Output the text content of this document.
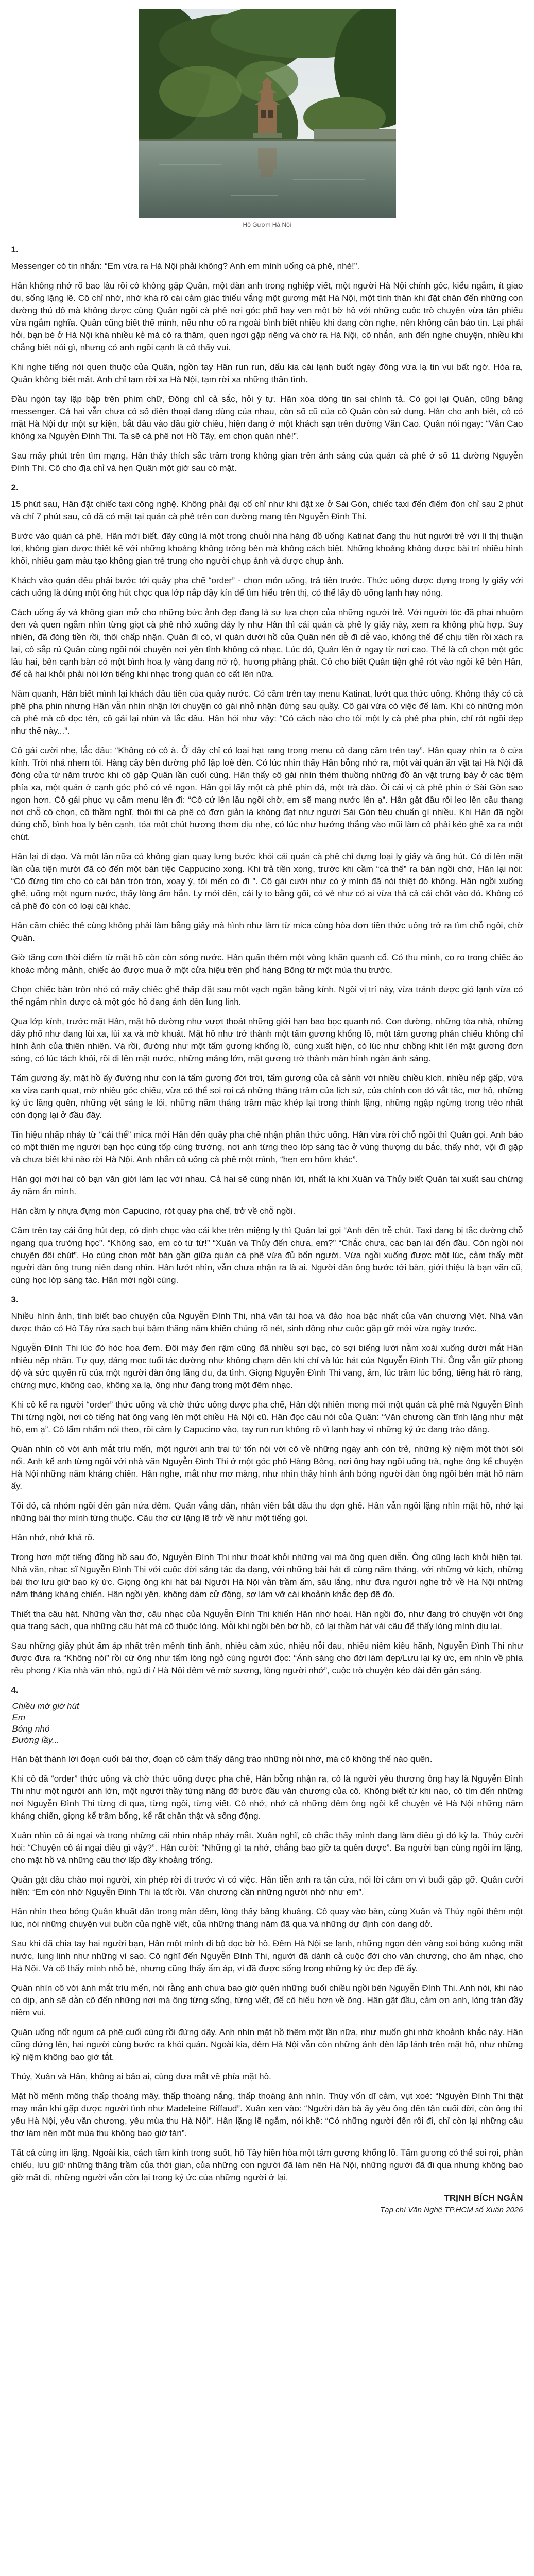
Hồ Gươm Hà Nội
1.

Messenger có tin nhắn: “Em vừa ra Hà Nội phải không? Anh em mình uống cà phê, nhé!”.

Hân không nhớ rõ bao lâu rồi cô không gặp Quân, một đàn anh trong nghiệp viết, một người Hà Nội chính gốc, kiểu ngắm, ít giao du, sống lặng lẽ. Cô chỉ nhớ, nhớ khá rõ cái cảm giác thiếu vắng một gương mặt Hà Nội, một tính thân khi đặt chân đến những con đường thủ đô mà không được cùng Quân ngồi cà phê nơi góc phố hay ven một bờ hồ với những cuộc trò chuyện vừa tản phiếu vừa ngắm nghĩa. Quân cũng biết thế mình, nếu như cô ra ngoài bình biết nhiều khi đang còn nghe, nên không cần báo tin. Lại phải hỏi, bạn bè ở Hà Nội khá nhiều kẻ mà cô ra thăm, quen ngơi gặp riêng và chờ ra Hà Nội, cô nhắn, anh đến nghe chuyện, nhiều khi chẳng biết nói gì, nhưng có anh ngồi cạnh là cô thấy vui.

Khi nghe tiếng nói quen thuộc của Quân, ngồn tay Hân run run, dấu kia cái lạnh buốt ngày đông vừa lạ tin vui bất ngờ. Hóa ra, Quân không biết mất. Anh chỉ tạm rời xa Hà Nội, tạm rời xa những thân tình.

Đầu ngón tay lập bập trên phím chữ, Đông chỉ cả sắc, hỏi ý tự. Hân xóa dòng tin sai chính tả. Có gọi lại Quân, cũng băng messenger. Cả hai vẫn chưa có số điện thoại đang dùng của nhau, còn số cũ của cô Quân còn sử dụng. Hân cho anh biết, cô có mặt Hà Nội dự một sự kiện, bắt đầu vào đầu giờ chiều, hiện đang ở một khách sạn trên đường Văn Cao. Quân nói ngay: “Vân Cao không xa Nguyễn Đình Thi. Ta sẽ cà phê nơi Hồ Tây, em chọn quán nhé!”.

Sau mấy phút trên tìm mạng, Hân thấy thích sắc trầm trong không gian trên ánh sáng của quán cà phê ở số 11 đường Nguyễn Đình Thi. Cô cho địa chỉ và hẹn Quân một giờ sau có mặt.

2.

15 phút sau, Hân đặt chiếc taxi công nghệ. Không phải đại cố chỉ như khi đặt xe ở Sài Gòn, chiếc taxi đến điểm đón chỉ sau 2 phút và chỉ 7 phút sau, cô đã có mặt tại quán cà phê trên con đường mang tên Nguyễn Đình Thi.

Bước vào quán cà phê, Hân mới biết, đây cũng là một trong chuỗi nhà hàng đồ uống Katinat đang thu hút người trẻ với lí thị thuận lợi, không gian được thiết kế với những khoảng không trống bên mà không cách biệt. Những khoảng không được bài trí nhiều hình khối, nhiều gam màu tạo không gian trẻ trung cho người chụp ảnh và được chụp ảnh.

Khách vào quán đều phải bước tới quầy pha chế “order” - chọn món uống, trả tiền trước. Thức uống được đựng trong ly giấy với cách uống là dùng một ống hút chọc qua lớp nắp đậy kín để tìm hiểu trên thị, có thể lấy đồ uống lạnh hay nóng.

Cách uống ấy và không gian mở cho những bức ảnh đẹp đang là sự lựa chọn của những người trẻ. Với người tóc đã phai nhuộm đen và quen ngắm nhìn từng giọt cà phê nhỏ xuống đáy ly như Hân thì cái quán cà phê ly giấy này, xem ra không phù hợp. Suy nhiên, đã đóng tiền rồi, thôi chấp nhận. Quân đi có, vì quán dưới hồ của Quân nên dễ đi dễ vào, không thể để chịu tiền rồi xách ra lại, cô sắp rủ Quân cùng ngồi nói chuyện nơi yên tĩnh không có nhạc. Lúc đó, Quân lên ở ngay từ nơi cao. Thế là cô chọn một góc lầu hai, bên cạnh bàn có một bình hoa ly vàng đang nở rộ, hương phảng phất. Cô cho biết Quân tiện ghế rót vào ngồi kế bên Hân, để cả hai khỏi phải nói lớn tiếng khi nhạc trong quán có cất lên nữa.

Năm quanh, Hân biết mình lại khách đầu tiên của quầy nước. Có cầm trên tay menu Katinat, lướt qua thức uống. Không thấy có cà phê pha phin nhưng Hân vẫn nhìn nhận lời chuyện có gái nhỏ nhận đứng sau quầy. Cô gái vừa có việc để làm. Khi có những món cà phê mà cô đọc tên, cô gái lại nhìn và lắc đầu. Hân hỏi như vậy: “Có cách nào cho tôi một ly cà phê pha phin, chỉ rót ngồi đẹp như thế này...”.

Cô gái cười nhẹ, lắc đầu: “Không có cô à. Ở đây chỉ có loại hạt rang trong menu cô đang cầm trên tay”. Hân quay nhìn ra ô cửa kính. Trời nhá nhem tối. Hàng cây bên đường phố lập loè đèn. Có lúc nhìn thấy Hân bỗng nhớ ra, một vài quán ăn vặt tại Hà Nội đã đóng cửa từ năm trước khi cô gặp Quân lần cuối cùng. Hân thấy cô gái nhìn thèm thuồng những đồ ăn vặt trưng bày ở các tiệm phía xa, một quán ở cạnh góc phố có vẻ ngon. Hân gọi lấy một cà phê phin đá, một trà đào. Ôi cái vị cà phê phin ở Sài Gòn sao ngon hơn. Cô gái phục vụ cầm menu lên đi: “Cô cứ lên lầu ngồi chờ, em sẽ mang nước lên ạ”. Hân gật đầu rồi leo lên cầu thang nơi chỗ cô chọn, cô thầm nghĩ, thôi thì cà phê có đơn giản là không đạt như người Sài Gòn tiêu chuẩn gì nhiều. Khi Hân đã ngồi đúng chỗ, bình hoa ly bên cạnh, tỏa một chút hương thơm dịu nhẹ, có lúc như hướng thẳng vào mũi làm cô phải kéo ghế xa ra một chút.

Hân lại đi dạo. Và một lần nữa có không gian quay lưng bước khỏi cái quán cà phê chỉ đựng loại ly giấy và ống hút. Có đi lên mặt lần của tiện mười đã có đến một bàn tiệc Cappucino xong. Khi trả tiền xong, trước khi cầm “cà thể” ra bàn ngồi chờ, Hân lại nói: “Cô đừng tìm cho có cái bàn tròn tròn, xoay ý, tôi mến có đi ”. Cô gái cười như có ý mình đã nói thiệt đó không. Hân ngồi xuống ghế, uống một ngụm nước, thấy lòng ấm hẳn. Ly mới đến, cái ly to bằng gối, có vẻ như có ai vừa thả cả cái chốt vào đó. Không có cả phê đó còn có loại cái khác.

Hân cầm chiếc thẻ cùng không phải làm bằng giấy mà hình như làm từ mica cùng hòa đơn tiền thức uống trở ra tìm chỗ ngồi, chờ Quân.

Giờ tăng cơn thời điểm từ mặt hồ còn còn sóng nước. Hân quấn thêm một vòng khăn quanh cổ. Có thu mình, co ro trong chiếc áo khoác mỏng mảnh, chiếc áo được mua ở một cửa hiệu trên phố hàng Bông từ một mùa thu trước.

Chọn chiếc bàn tròn nhỏ có mấy chiếc ghế thấp đặt sau một vạch ngăn bằng kính. Ngồi vị trí này, vừa tránh được gió lạnh vừa có thể ngắm nhìn được cả một góc hồ đang ánh đèn lung linh.

Qua lớp kính, trước mặt Hân, mặt hồ dường như vượt thoát những giới hạn bao bọc quanh nó. Con đường, những tòa nhà, những dãy phố như đang lùi xa, lùi xa và mờ khuất. Mặt hồ như trở thành một tấm gương khổng lồ, một tấm gương phản chiếu không chỉ hình ảnh của thiên nhiên. Và rồi, đường như một tấm gương khổng lồ, cùng xuất hiện, có lúc như chồng khít lên mặt gương đơn sóng, có lúc tách khỏi, rồi đi lên mặt nước, những mảng lớn, mặt gương trở thành màn hình ngàn ánh sáng.

Tấm gương ấy, mặt hồ ấy đường như con là tấm gương đời trời, tấm gương của cả sảnh với nhiều chiều kích, nhiều nếp gấp, vừa xa vừa cạnh quạt, mờ nhiều góc chiếu, vừa có thể soi rọi cả những thăng trầm của lịch sử, của chính con đó vắt tấc, mơ hồ, những ký ức lãng quên, những vệt sáng le lói, những năm tháng trầm mặc khép lại trong thinh lặng, những ngập ngừng trong trẻo nhất còn đọng lại ở đầu đây.

Tin hiệu nhấp nháy từ “cái thể” mica mới Hân đến quầy pha chế nhận phần thức uống. Hân vừa rời chỗ ngồi thì Quân gọi. Anh báo có một thiên mẹ người bạn học cùng tốp cùng trường, nơi anh từng theo lớp sáng tác ở vùng thượng du bắc, thấy nhớ, vội đi gặp và chưa biết khi nào rời Hà Nội. Anh nhắn cô uống cà phê một mình, “hẹn em hôm khác”.

Hân gọi mời hai cô bạn văn giới làm lạc với nhau. Cả hai sẽ cùng nhận lời, nhất là khi Xuân và Thủy biết Quân tài xuất sau chừng ấy năm ẩn mình.

Hân cầm ly nhựa đựng món Capucino, rót quay pha chế, trở về chỗ ngồi.

Cầm trên tay cái ống hút đẹp, có định chọc vào cái khe trên miệng ly thì Quân lại gọi “Anh đến trễ chút. Taxi đang bị tắc đường chỗ ngang qua trường học”. “Không sao, em có từ từ!” “Xuân và Thủy đến chưa, em?” “Chắc chưa, các bạn lái đến đầu. Còn ngồi nói chuyện đôi chút”. Họ cùng chọn một bàn gần giữa quán cà phê vừa đủ bốn người. Vừa ngồi xuống được một lúc, cảm thấy một người đàn ông trung niên đang nhìn. Hân lướt nhìn, vẫn chưa nhận ra là ai. Người đàn ông bước tới bàn, giới thiệu là bạn văn cũ, cùng học lớp sáng tác. Hân mời ngồi cùng.

3.

Nhiều hình ảnh, tình biết bao chuyện của Nguyễn Đình Thi, nhà văn tài hoa và đảo hoa bậc nhất của văn chương Việt. Nhà văn được thảo có Hồ Tây rửa sạch bụi bậm thăng năm khiến chúng rõ nét, sinh động như cuộc gặp gỡ mới vừa ngày trước.

Nguyễn Đình Thi lúc đó hóc hoa đem. Đôi mày đen rậm cũng đã nhiều sợi bạc, có sợi biếng lười nằm xoài xuống dưới mắt Hân nhiều nếp nhăn. Tự quy, dáng mọc tuổi tác đường như không chạm đến khi chỉ và lúc hát của Nguyễn Đình Thi. Ông vẫn giữ phong độ và sức quyến rũ của một người đàn ông lãng du, đa tình. Giọng Nguyễn Đình Thi vang, ấm, lúc trầm lúc bổng, tiếng hát rõ ràng, chừng mực, không cao, không xa lạ, ông như đang trong một đêm nhạc.

Khi cô kể ra người “order” thức uống và chờ thức uống được pha chế, Hân đột nhiên mong mỏi một quán cà phê mà Nguyễn Đình Thi từng ngồi, nơi có tiếng hát ông vang lên một chiều Hà Nội cũ. Hân đọc câu nói của Quân: “Văn chương cần tĩnh lặng như mặt hồ, em ạ”. Cô lẩm nhẩm nói theo, rồi cầm ly Capucino vào, tay run run không rõ vì lạnh hay vì những ký ức đang trào dâng.

Quân nhìn cô với ánh mắt trìu mến, một người anh trai từ tốn nói với cô về những ngày anh còn trẻ, những kỷ niệm một thời sôi nổi. Anh kể anh từng ngồi với nhà văn Nguyễn Đình Thi ở một góc phố Hàng Bông, nơi ông hay ngồi uống trà, nghe ông kể chuyện Hà Nội những năm kháng chiến. Hân nghe, mắt như mơ màng, như nhìn thấy hình ảnh bóng người đàn ông ngồi bên mặt hồ năm ấy.

Tối đó, cả nhóm ngồi đến gần nửa đêm. Quán vắng dần, nhân viên bắt đầu thu dọn ghế. Hân vẫn ngồi lặng nhìn mặt hồ, nhớ lại những bài thơ mình từng thuộc. Câu thơ cứ lặng lẽ trở về như một tiếng gọi.

Hân nhớ, nhớ khá rõ.

Trong hơn một tiếng đồng hồ sau đó, Nguyễn Đình Thi như thoát khỏi những vai mà ông quen diễn. Ông cũng lạch khỏi hiện tại. Nhà văn, nhạc sĩ Nguyễn Đình Thi với cuộc đời sáng tác đa dạng, với những bài hát đi cùng năm tháng, với những vở kịch, những bài thơ lưu giữ bao ký ức. Giọng ông khi hát bài Người Hà Nội vẫn trầm ấm, sâu lắng, như đưa người nghe trở về Hà Nội những năm tháng kháng chiến. Hân ngồi yên, không dám cử động, sợ làm vỡ cái khoảnh khắc đẹp đẽ đó.

Thiết tha câu hát. Những vần thơ, câu nhạc của Nguyễn Đình Thi khiến Hân nhớ hoài. Hân ngồi đó, như đang trò chuyện với ông qua trang sách, qua những câu hát mà cô thuộc lòng. Mỗi khi ngồi bên bờ hồ, cô lại thầm hát vài câu để thấy lòng mình dịu lại.

Sau những giây phút ấm áp nhất trên mênh tình ảnh, nhiều cảm xúc, nhiều nỗi đau, nhiều niềm kiêu hãnh, Nguyễn Đình Thi như được đưa ra “Không nói” rồi cứ ông như tấm lòng ngỏ cùng người đọc: “Ánh sáng cho đời làm đẹp/Lưu lại ký ức, em nhìn về phía rêu phong / Kìa nhà văn nhỏ, ngủ đi / Hà Nội đêm về mờ sương, lòng người nhớ”, cuộc trò chuyện kéo dài đến gần sáng.

4.
Chiều mờ giờ hút
Em
Bóng nhỏ
Đường lầy...

Hân bật thành lời đoạn cuối bài thơ, đoạn cô cảm thấy dâng trào những nỗi nhớ, mà cô không thể nào quên.

Khi cô đã “order” thức uống và chờ thức uống được pha chế, Hân bỗng nhận ra, cô là người yêu thương ông hay là Nguyễn Đình Thi như một người anh lớn, một người thầy từng nâng đỡ bước đầu văn chương của cô. Không biết từ khi nào, cô tìm đến những nơi Nguyễn Đình Thi từng đi qua, từng ngồi, từng viết. Cô nhớ, nhớ cả những đêm ông ngồi kể chuyện về Hà Nội những năm kháng chiến, giọng kể trầm bổng, kể rất chân thật và sống động.

Xuân nhìn cô ái ngại và trong những cái nhìn nhấp nháy mắt. Xuân nghĩ, cô chắc thấy mình đang làm điều gì đó kỳ lạ. Thủy cười hỏi: “Chuyện cô ái ngại điều gì vậy?”. Hân cười: “Những gì ta nhớ, chẳng bao giờ ta quên được”. Ba người bạn cùng ngồi im lặng, cho mặt hồ và những câu thơ lấp đầy khoảng trống.

Quân gật đầu chào mọi người, xin phép rời đi trước vì có việc. Hân tiễn anh ra tận cửa, nói lời cảm ơn vì buổi gặp gỡ. Quân cười hiền: “Em còn nhớ Nguyễn Đình Thi là tốt rồi. Văn chương cần những người nhớ như em”.

Hân nhìn theo bóng Quân khuất dần trong màn đêm, lòng thấy bâng khuâng. Cô quay vào bàn, cùng Xuân và Thủy ngồi thêm một lúc, nói những chuyện vui buồn của nghề viết, của những tháng năm đã qua và những dự định còn dang dở.

Sau khi đã chia tay hai người bạn, Hân một mình đi bộ dọc bờ hồ. Đêm Hà Nội se lạnh, những ngọn đèn vàng soi bóng xuống mặt nước, lung linh như những vì sao. Cô nghĩ đến Nguyễn Đình Thi, người đã dành cả cuộc đời cho văn chương, cho âm nhạc, cho Hà Nội. Và cô thấy mình nhỏ bé, nhưng cũng thấy ấm áp, vì đã được sống trong những ký ức đẹp đẽ ấy.

Quân nhìn cô với ánh mắt trìu mến, nói rằng anh chưa bao giờ quên những buổi chiều ngồi bên Nguyễn Đình Thi. Anh nói, khi nào có dịp, anh sẽ dẫn cô đến những nơi mà ông từng sống, từng viết, để cô hiểu hơn về ông. Hân gật đầu, cảm ơn anh, lòng tràn đầy niềm vui.

Quân uống nốt ngụm cà phê cuối cùng rồi đứng dậy. Anh nhìn mặt hồ thêm một lần nữa, như muốn ghi nhớ khoảnh khắc này. Hân cũng đứng lên, hai người cùng bước ra khỏi quán. Ngoài kia, đêm Hà Nội vẫn còn những ánh đèn lấp lánh trên mặt hồ, như những kỷ niệm không bao giờ tắt.

Thúy, Xuân và Hân, không ai bảo ai, cùng đưa mắt về phía mặt hồ.

Mặt hồ mênh mông thấp thoáng mây, thấp thoáng nắng, thấp thoáng ánh nhìn. Thúy vốn dĩ cảm, vụt xoè: “Nguyễn Đình Thi thật may mắn khi gặp được người tình như Madeleine Riffaud”. Xuân xen vào: “Người đàn bà ấy yêu ông đến tận cuối đời, còn ông thì yêu Hà Nội, yêu văn chương, yêu mùa thu Hà Nội”. Hân lặng lẽ ngắm, nói khẽ: “Có những người đến rồi đi, chỉ còn lại những câu thơ làm nên một mùa thu không bao giờ tàn”.

Tất cả cùng im lặng. Ngoài kia, cách tầm kính trong suốt, hồ Tây hiền hòa một tấm gương khổng lồ. Tấm gương có thể soi rọi, phản chiếu, lưu giữ những thăng trầm của thời gian, của những con người đã làm nên Hà Nội, những người đã đi qua nhưng không bao giờ mất đi, những người vẫn còn lại trong ký ức của những người ở lại.

TRỊNH BÍCH NGÂN
Tạp chí Văn Nghệ TP.HCM số Xuân 2026
